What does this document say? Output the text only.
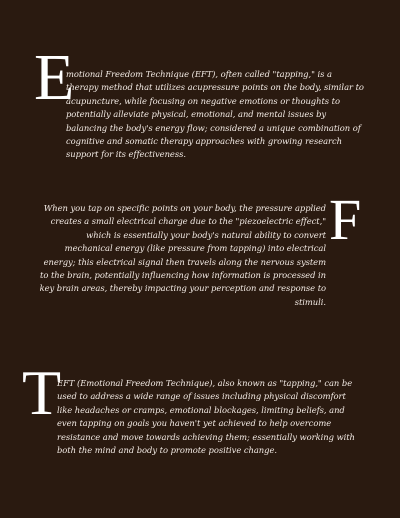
E

motional Freedom Technique (EFT), often called "tapping," is a therapy method that utilizes acupressure points on the body, similar to acupuncture, while focusing on negative emotions or thoughts to potentially alleviate physical, emotional, and mental issues by balancing the body's energy flow; considered a unique combination of cognitive and somatic therapy approaches with growing research support for its effectiveness.

F

When you tap on specific points on your body, the pressure applied creates a small electrical charge due to the "piezoelectric effect," which is essentially your body's natural ability to convert mechanical energy (like pressure from tapping) into electrical energy; this electrical signal then travels along the nervous system to the brain, potentially influencing how information is processed in key brain areas, thereby impacting your perception and response to stimuli.

T

EFT (Emotional Freedom Technique), also known as "tapping," can be used to address a wide range of issues including physical discomfort like headaches or cramps, emotional blockages, limiting beliefs, and even tapping on goals you haven't yet achieved to help overcome resistance and move towards achieving them; essentially working with both the mind and body to promote positive change.
